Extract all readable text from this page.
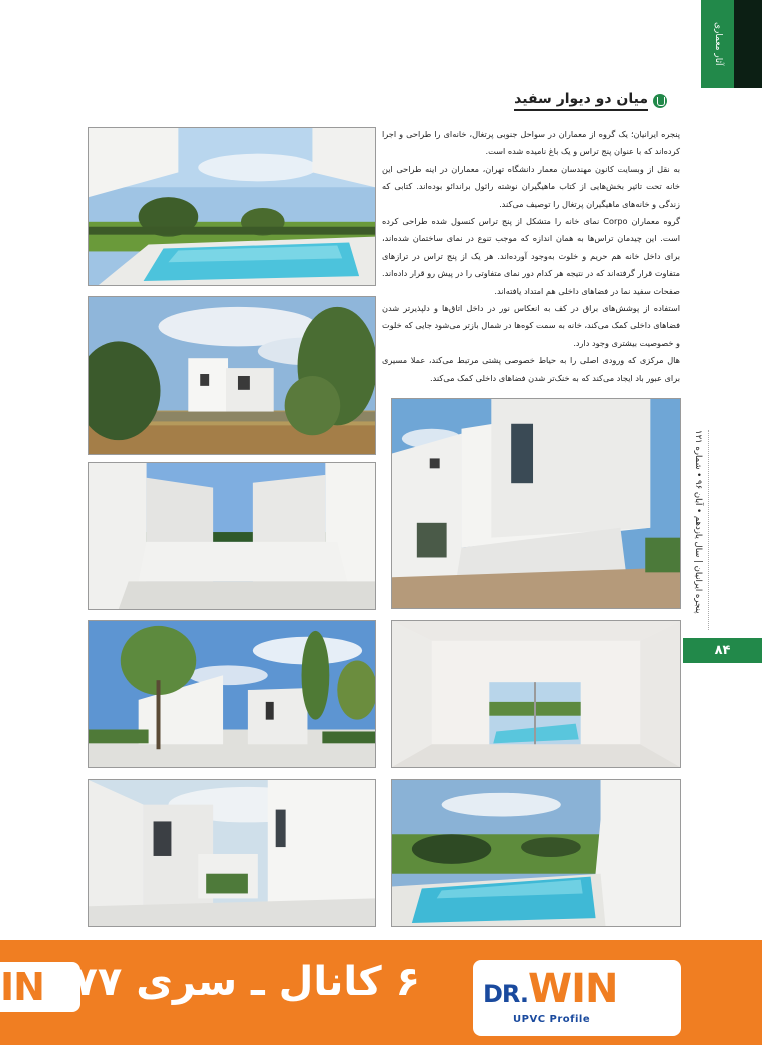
آثار معماری
میان دو دیوار سفید

پنجره ایرانیان؛ یک گروه از معماران در سواحل جنوبی پرتغال، خانه‌ای را طراحی و اجرا کرده‌اند که با عنوان پنج تراس و یک باغ نامیده شده است.

به نقل از وبسایت کانون مهندسان معمار دانشگاه تهران، معماران در اینه طراحی این خانه تحت تاثیر بخش‌هایی از کتاب ماهیگیران نوشته راثول براندائو بوده‌اند. کتابی که زندگی و خانه‌های ماهیگیران پرتغال را توصیف می‌کند.

گروه معماران Corpo نمای خانه را متشکل از پنج تراس کنسول شده طراحی کرده است. این چیدمان تراس‌ها به همان اندازه که موجب تنوع در نمای ساختمان شده‌اند، برای داخل خانه هم حریم و خلوت به‌وجود آورده‌اند. هر یک از پنج تراس در ترازهای متفاوت قرار گرفته‌اند که در نتیجه هر کدام دور نمای متفاوتی را در پیش رو قرار داده‌اند. صفحات سفید نما در فضاهای داخلی هم امتداد یافته‌اند.

استفاده از پوشش‌های براق در کف به انعکاس نور در داخل اتاق‌ها و دلپذیرتر شدن فضاهای داخلی کمک می‌کند، خانه به سمت کوه‌ها در شمال باز‌تر می‌شود جایی که خلوت و خصوصیت بیشتری وجود دارد.

هال مرکزی که ورودی اصلی را به حیاط خصوصی پشتی مرتبط می‌کند، عملا مسیری برای عبور باد ایجاد می‌کند که به خنک‌تر شدن فضاهای داخلی کمک می‌کند.

پنجره ایرانیان | سال یازدهم • آبان ۹۶ • شماره ۱۲۱
۸۴
IN ۶ کانال ـ سری ۷۷	DR.WIN
UPVC Profile
